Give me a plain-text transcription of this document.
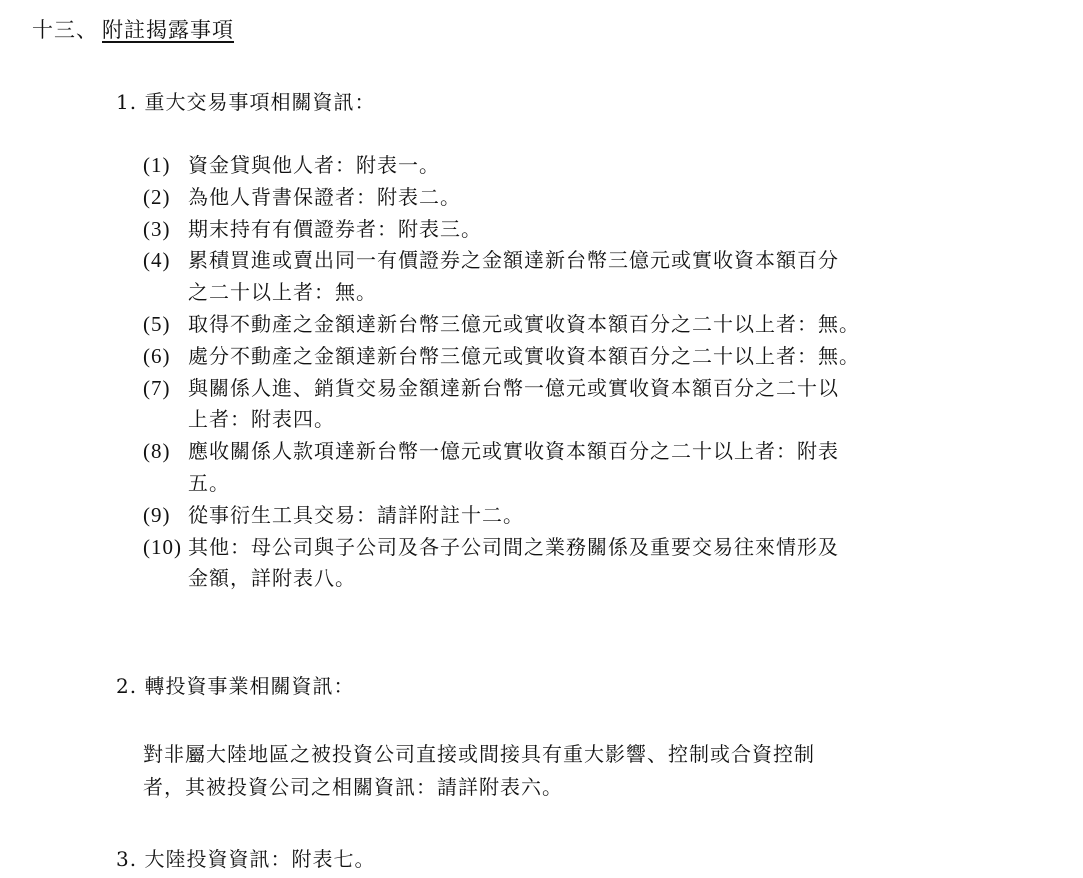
十三、 附註揭露事項
1. 重大交易事項相關資訊：
(1) 資金貸與他人者：附表一。
(2) 為他人背書保證者：附表二。
(3) 期末持有有價證券者：附表三。
(4) 累積買進或賣出同一有價證券之金額達新台幣三億元或實收資本額百分
之二十以上者：無。
(5) 取得不動產之金額達新台幣三億元或實收資本額百分之二十以上者：無。
(6) 處分不動產之金額達新台幣三億元或實收資本額百分之二十以上者：無。
(7) 與關係人進、銷貨交易金額達新台幣一億元或實收資本額百分之二十以
上者：附表四。
(8) 應收關係人款項達新台幣一億元或實收資本額百分之二十以上者：附表
五。
(9) 從事衍生工具交易：請詳附註十二。
(10) 其他：母公司與子公司及各子公司間之業務關係及重要交易往來情形及
金額，詳附表八。
2. 轉投資事業相關資訊：
對非屬大陸地區之被投資公司直接或間接具有重大影響、控制或合資控制
者，其被投資公司之相關資訊：請詳附表六。
3. 大陸投資資訊：附表七。
